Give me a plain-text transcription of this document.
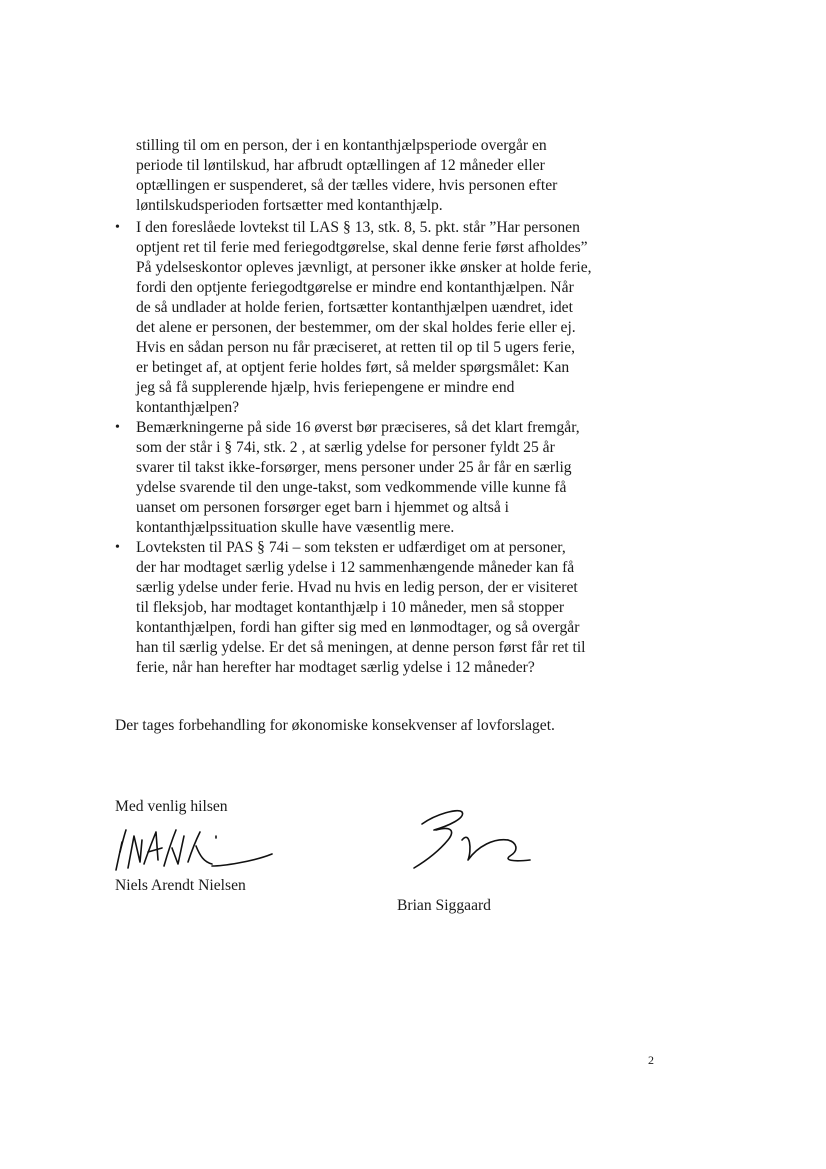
stilling til om en person, der i en kontanthjælpsperiode overgår en
periode til løntilskud, har afbrudt optællingen af 12 måneder eller
optællingen er suspenderet, så der tælles videre, hvis personen efter
løntilskudsperioden fortsætter med kontanthjælp.
• I den foreslåede lovtekst til LAS § 13, stk. 8, 5. pkt. står ”Har personen
optjent ret til ferie med feriegodtgørelse, skal denne ferie først afholdes”
På ydelseskontor opleves jævnligt, at personer ikke ønsker at holde ferie,
fordi den optjente feriegodtgørelse er mindre end kontanthjælpen. Når
de så undlader at holde ferien, fortsætter kontanthjælpen uændret, idet
det alene er personen, der bestemmer, om der skal holdes ferie eller ej.
Hvis en sådan person nu får præciseret, at retten til op til 5 ugers ferie,
er betinget af, at optjent ferie holdes ført, så melder spørgsmålet: Kan
jeg så få supplerende hjælp, hvis feriepengene er mindre end
kontanthjælpen?
• Bemærkningerne på side 16 øverst bør præciseres, så det klart fremgår,
som der står i § 74i, stk. 2 , at særlig ydelse for personer fyldt 25 år
svarer til takst ikke-forsørger, mens personer under 25 år får en særlig
ydelse svarende til den unge-takst, som vedkommende ville kunne få
uanset om personen forsørger eget barn i hjemmet og altså i
kontanthjælpssituation skulle have væsentlig mere.
• Lovteksten til PAS § 74i – som teksten er udfærdiget om at personer,
der har modtaget særlig ydelse i 12 sammenhængende måneder kan få
særlig ydelse under ferie. Hvad nu hvis en ledig person, der er visiteret
til fleksjob, har modtaget kontanthjælp i 10 måneder, men så stopper
kontanthjælpen, fordi han gifter sig med en lønmodtager, og så overgår
han til særlig ydelse. Er det så meningen, at denne person først får ret til
ferie, når han herefter har modtaget særlig ydelse i 12 måneder?

Der tages forbehandling for økonomiske konsekvenser af lovforslaget.

Med venlig hilsen

Niels Arendt Nielsen

Brian Siggaard

2
